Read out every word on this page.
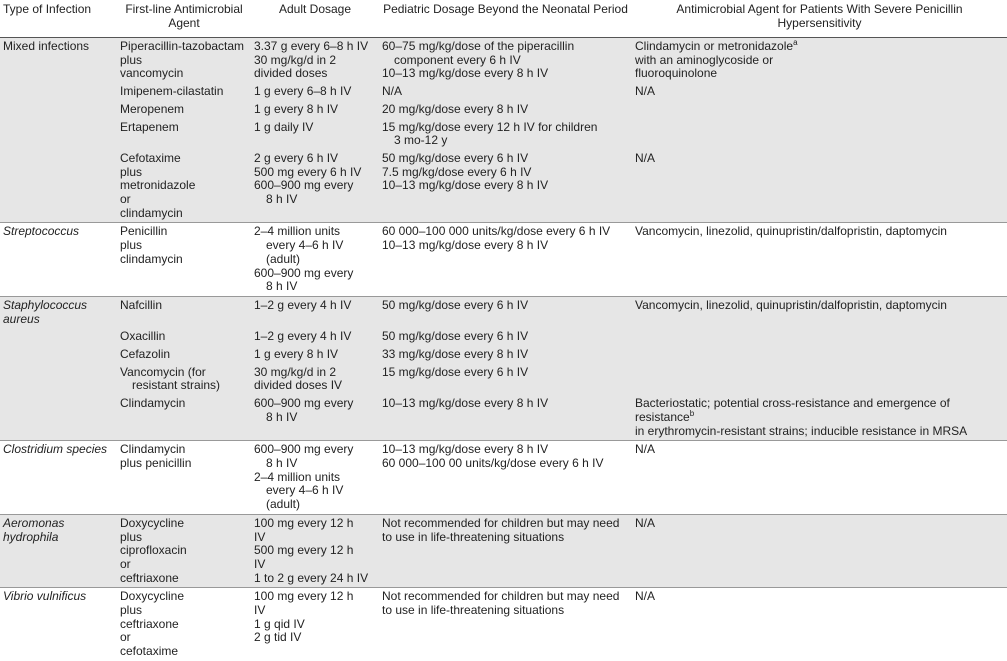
Type of Infection	First-line Antimicrobial Agent	Adult Dosage	Pediatric Dosage Beyond the Neonatal Period	Antimicrobial Agent for Patients With Severe Penicillin Hypersensitivity

Mixed infections	Piperacillin-tazobactam
plus
vancomycin	3.37 g every 6–8 h IV
30 mg/kg/d in 2
divided doses	60–75 mg/kg/dose of the piperacillin
component every 6 h IV
10–13 mg/kg/dose every 8 h IV	Clindamycin or metronidazole$^a$
with an aminoglycoside or
fluoroquinolone

	Imipenem-cilastatin	1 g every 6–8 h IV	N/A	N/A

	Meropenem	1 g every 8 h IV	20 mg/kg/dose every 8 h IV	

	Ertapenem	1 g daily IV	15 mg/kg/dose every 12 h IV for children
3 mo-12 y	

	Cefotaxime
plus
metronidazole
or
clindamycin	2 g every 6 h IV
500 mg every 6 h IV
600–900 mg every
8 h IV	50 mg/kg/dose every 6 h IV
7.5 mg/kg/dose every 6 h IV
10–13 mg/kg/dose every 8 h IV	N/A

Streptococcus	Penicillin
plus
clindamycin	2–4 million units
every 4–6 h IV
(adult)
600–900 mg every
8 h IV	60 000–100 000 units/kg/dose every 6 h IV
10–13 mg/kg/dose every 8 h IV	Vancomycin, linezolid, quinupristin/dalfopristin, daptomycin

Staphylococcus aureus	Nafcillin	1–2 g every 4 h IV	50 mg/kg/dose every 6 h IV	Vancomycin, linezolid, quinupristin/dalfopristin, daptomycin

	Oxacillin	1–2 g every 4 h IV	50 mg/kg/dose every 6 h IV	

	Cefazolin	1 g every 8 h IV	33 mg/kg/dose every 8 h IV	

	Vancomycin (for
resistant strains)	30 mg/kg/d in 2
divided doses IV	15 mg/kg/dose every 6 h IV	

	Clindamycin	600–900 mg every
8 h IV	10–13 mg/kg/dose every 8 h IV	Bacteriostatic; potential cross-resistance and emergence of resistance$^b$
in erythromycin-resistant strains; inducible resistance in MRSA

Clostridium species	Clindamycin
plus penicillin	600–900 mg every
8 h IV
2–4 million units
every 4–6 h IV
(adult)	10–13 mg/kg/dose every 8 h IV
60 000–100 00 units/kg/dose every 6 h IV	N/A

Aeromonas hydrophila	Doxycycline
plus
ciprofloxacin
or
ceftriaxone	100 mg every 12 h
IV
500 mg every 12 h
IV
1 to 2 g every 24 h IV	Not recommended for children but may need
to use in life-threatening situations	N/A

Vibrio vulnificus	Doxycycline
plus
ceftriaxone
or
cefotaxime	100 mg every 12 h
IV
1 g qid IV
2 g tid IV	Not recommended for children but may need
to use in life-threatening situations	N/A
